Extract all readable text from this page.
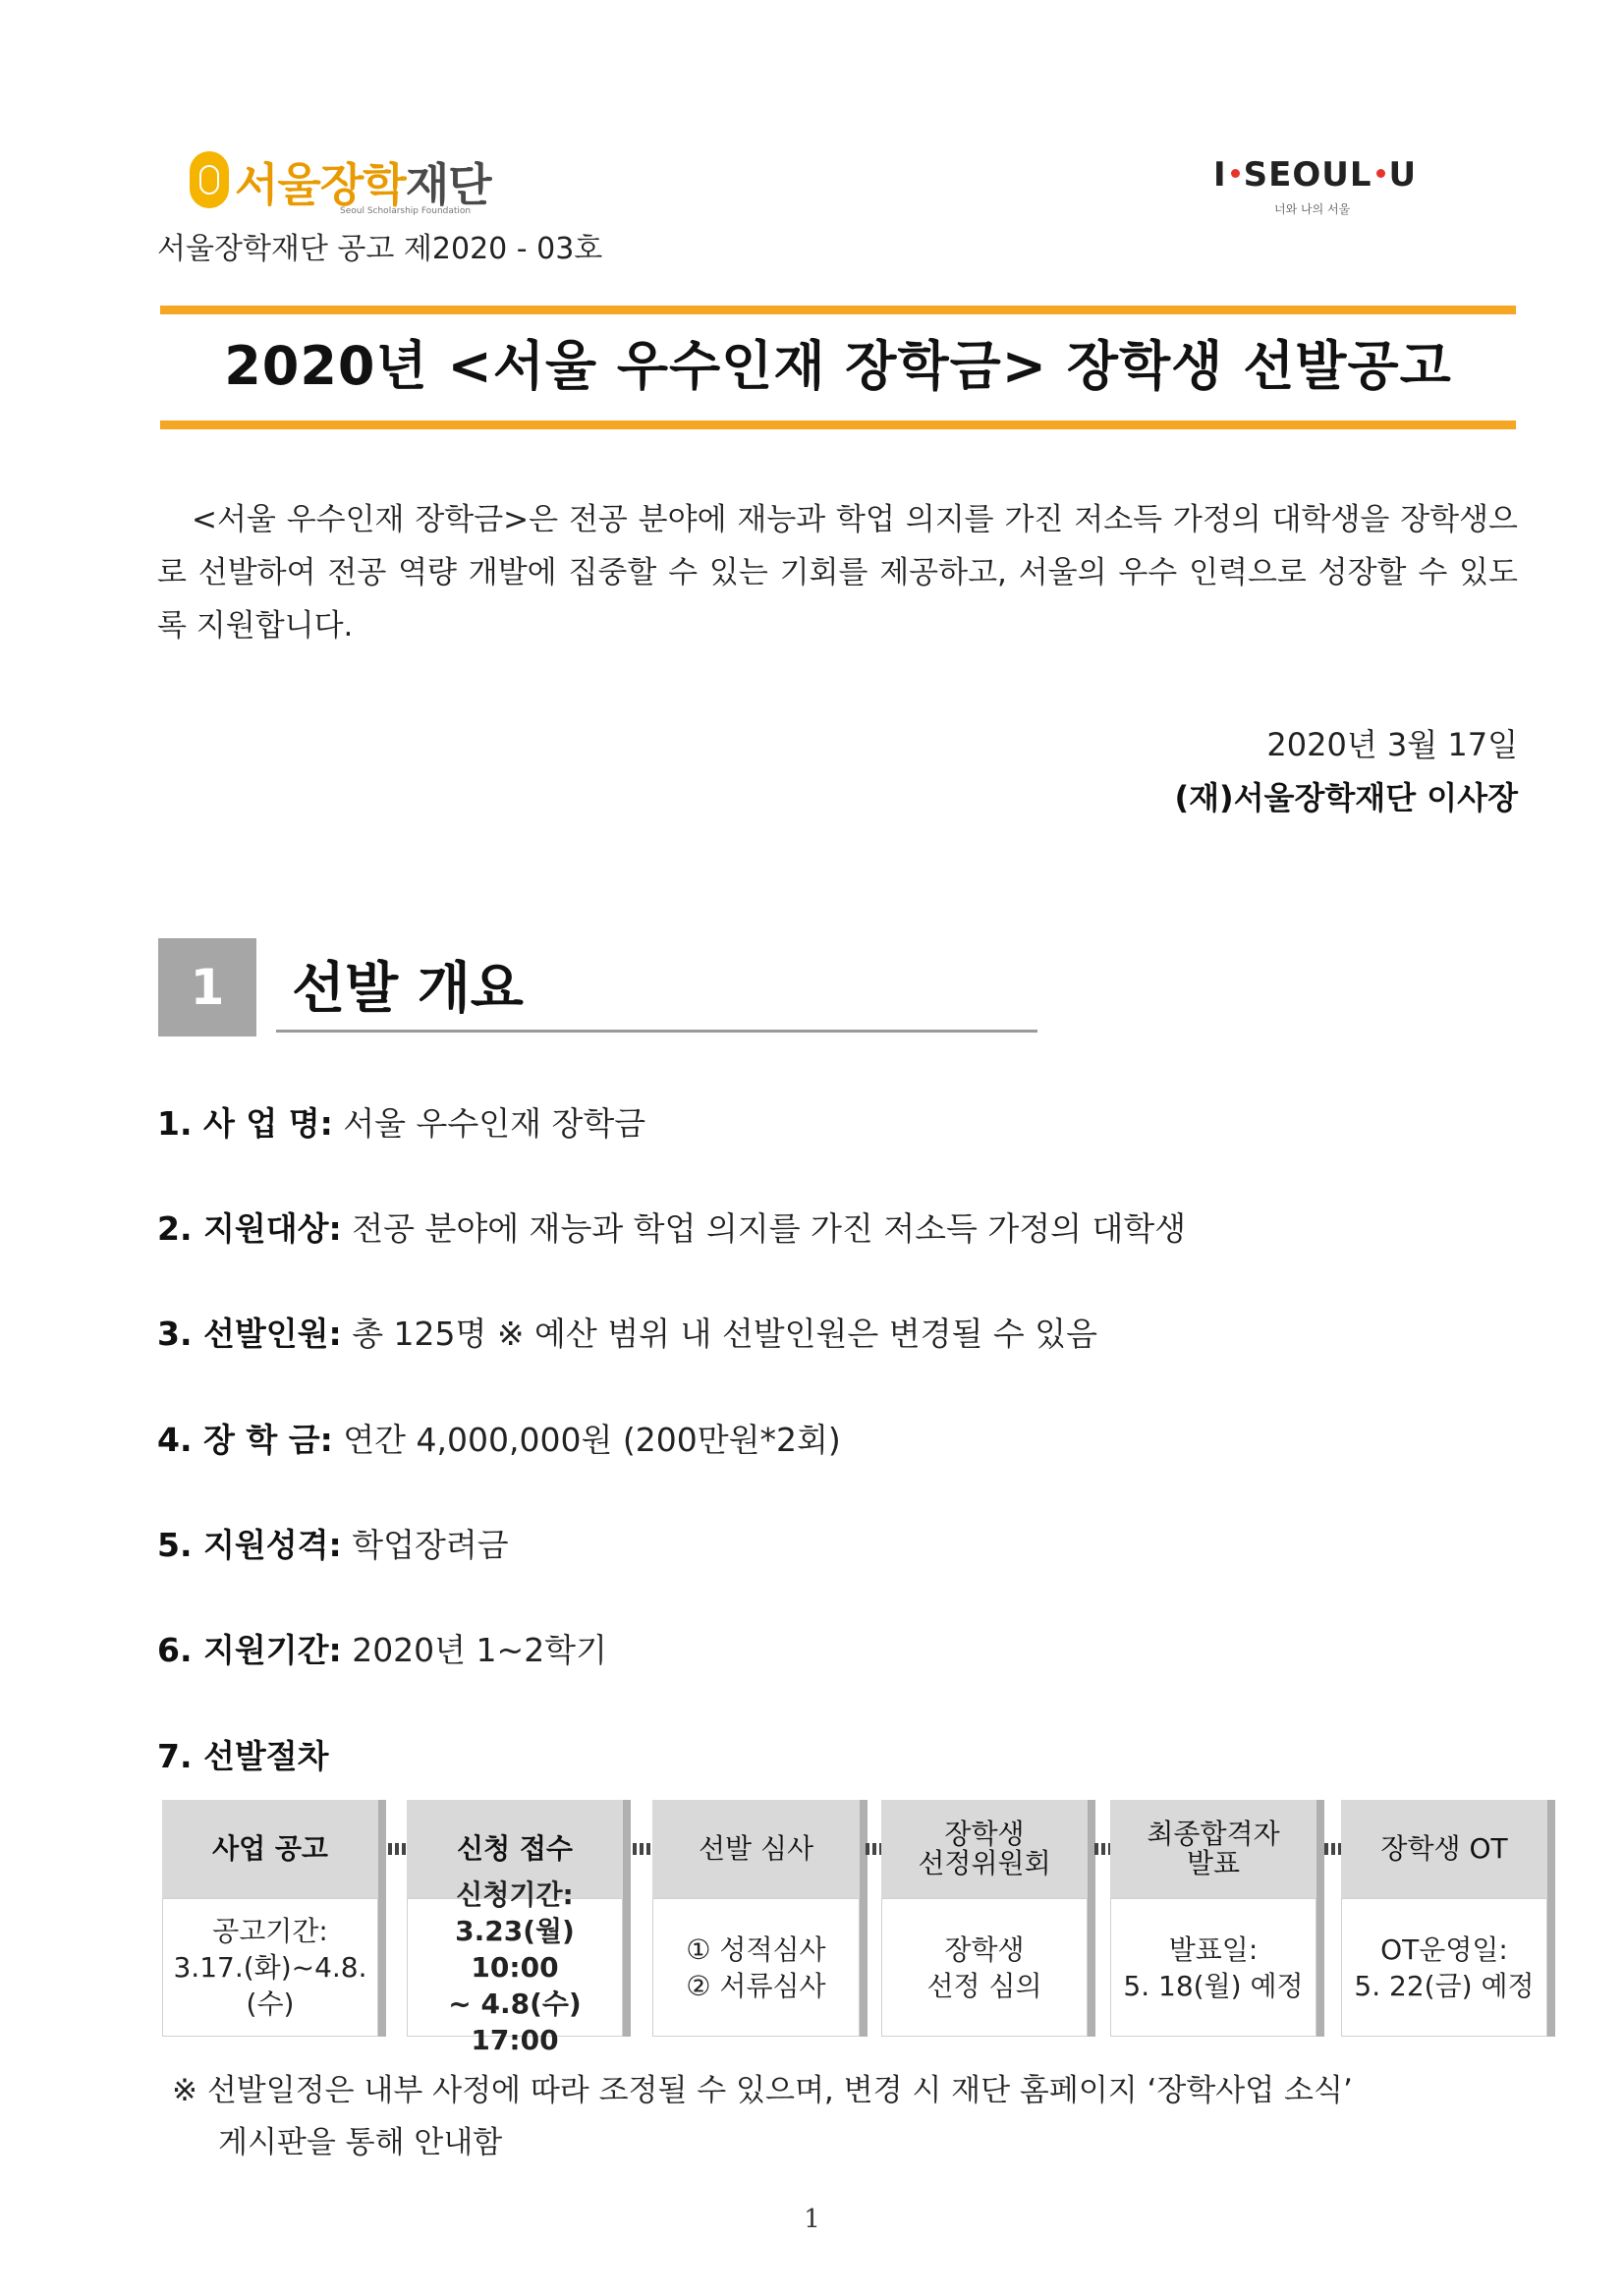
서울장학재단
Seoul Scholarship Foundation
I SEOUL U
너와 나의 서울
서울장학재단 공고 제2020 - 03호
2020년 <서울 우수인재 장학금> 장학생 선발공고
<서울 우수인재 장학금>은 전공 분야에 재능과 학업 의지를 가진 저소득 가정의 대학생을 장학생으로 선발하여 전공 역량 개발에 집중할 수 있는 기회를 제공하고, 서울의 우수 인력으로 성장할 수 있도록 지원합니다.
2020년 3월 17일
(재)서울장학재단 이사장
1	선발 개요
1. 사 업 명: 서울 우수인재 장학금
2. 지원대상: 전공 분야에 재능과 학업 의지를 가진 저소득 가정의 대학생
3. 선발인원: 총 125명 ※ 예산 범위 내 선발인원은 변경될 수 있음
4. 장 학 금: 연간 4,000,000원 (200만원*2회)
5. 지원성격: 학업장려금
6. 지원기간: 2020년 1~2학기
7. 선발절차
사업 공고
공고기간:
3.17.(화)~4.8.(수)
신청 접수
신청기간:
3.23(월) 10:00
~ 4.8(수) 17:00
선발 심사
① 성적심사
② 서류심사
장학생
선정위원회
장학생
선정 심의
최종합격자
발표
발표일:
5. 18(월) 예정
장학생 OT
OT운영일:
5. 22(금) 예정
※ 선발일정은 내부 사정에 따라 조정될 수 있으며, 변경 시 재단 홈페이지 ‘장학사업 소식’
게시판을 통해 안내함
1
